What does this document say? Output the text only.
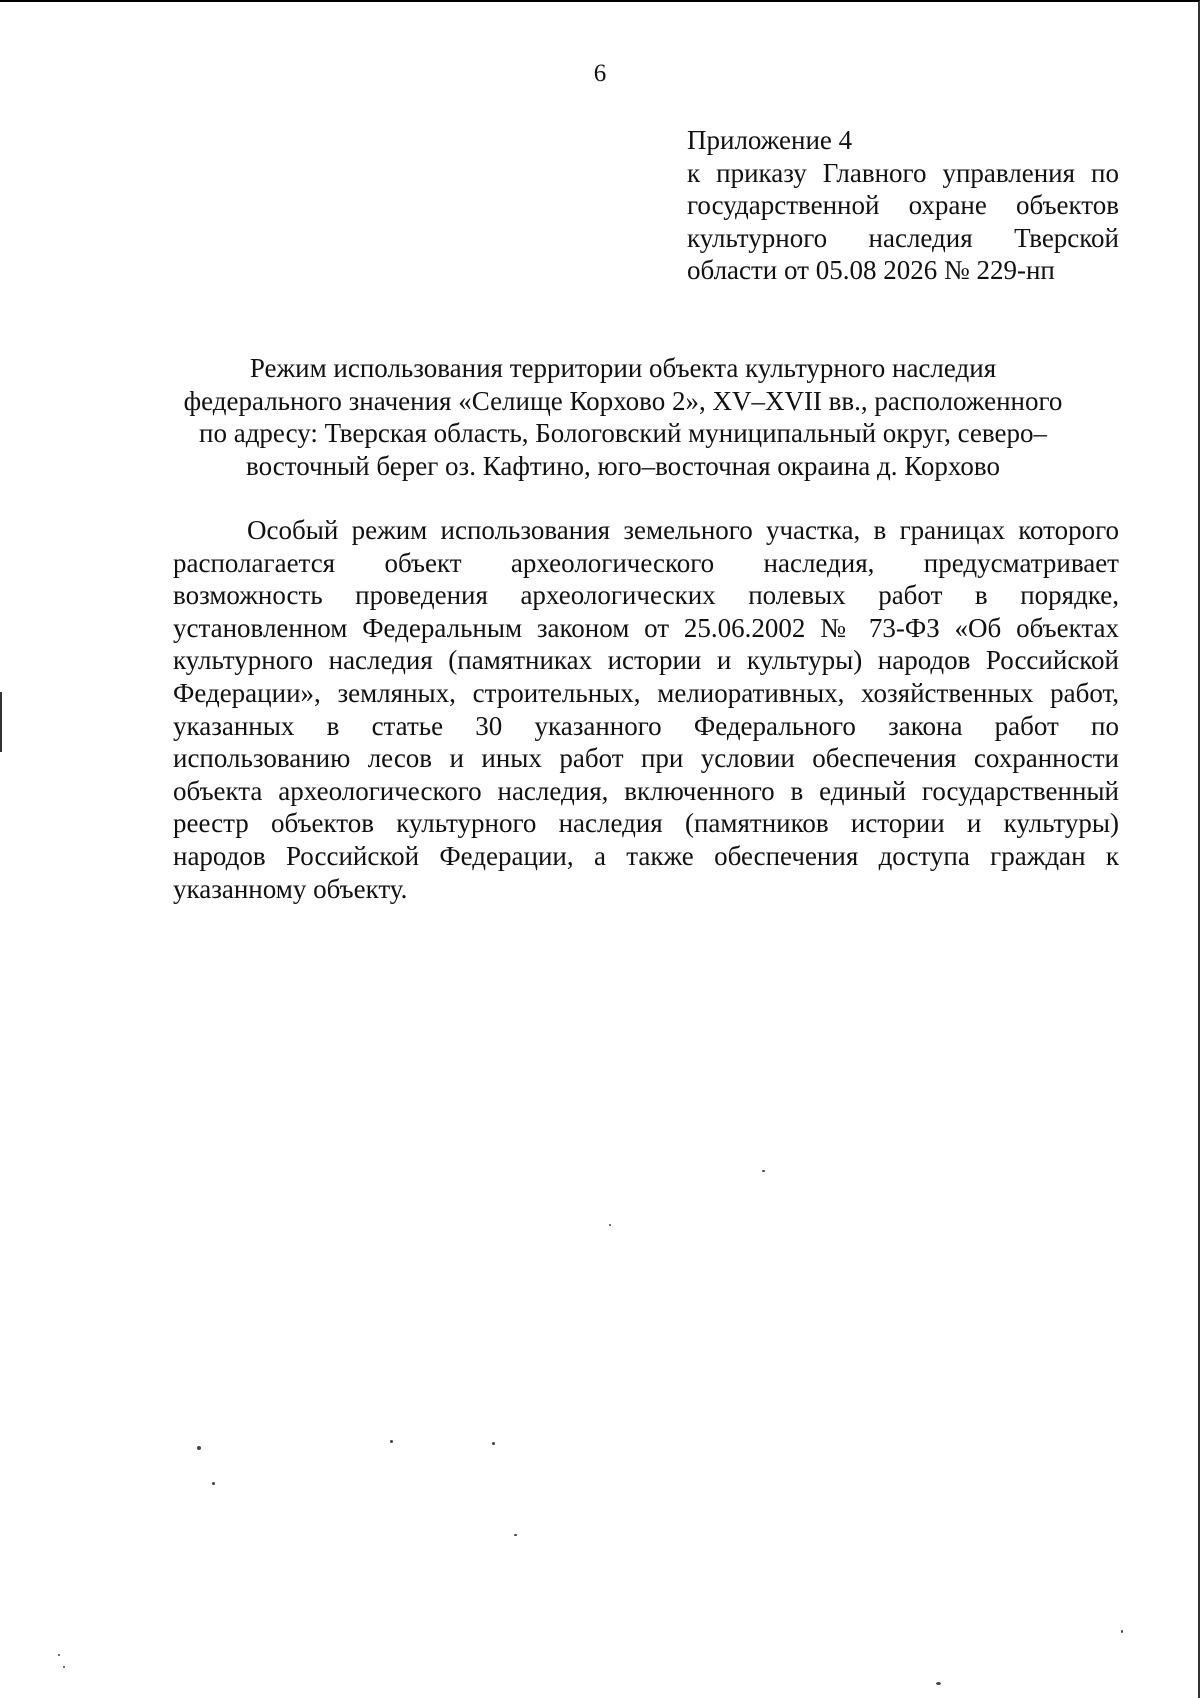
6
Приложение 4
к приказу Главного управления по
государственной охране объектов
культурного наследия Тверской
области от 05.08 2026 № 229-нп
Режим использования территории объекта культурного наследия
федерального значения «Селище Корхово 2», XV–XVII вв., расположенного
по адресу: Тверская область, Бологовский муниципальный округ, северо–
восточный берег оз. Кафтино, юго–восточная окраина д. Корхово
Особый режим использования земельного участка, в границах которого
располагается объект археологического наследия, предусматривает
возможность проведения археологических полевых работ в порядке,
установленном Федеральным законом от 25.06.2002 № 73-ФЗ «Об объектах
культурного наследия (памятниках истории и культуры) народов Российской
Федерации», земляных, строительных, мелиоративных, хозяйственных работ,
указанных в статье 30 указанного Федерального закона работ по
использованию лесов и иных работ при условии обеспечения сохранности
объекта археологического наследия, включенного в единый государственный
реестр объектов культурного наследия (памятников истории и культуры)
народов Российской Федерации, а также обеспечения доступа граждан к
указанному объекту.
